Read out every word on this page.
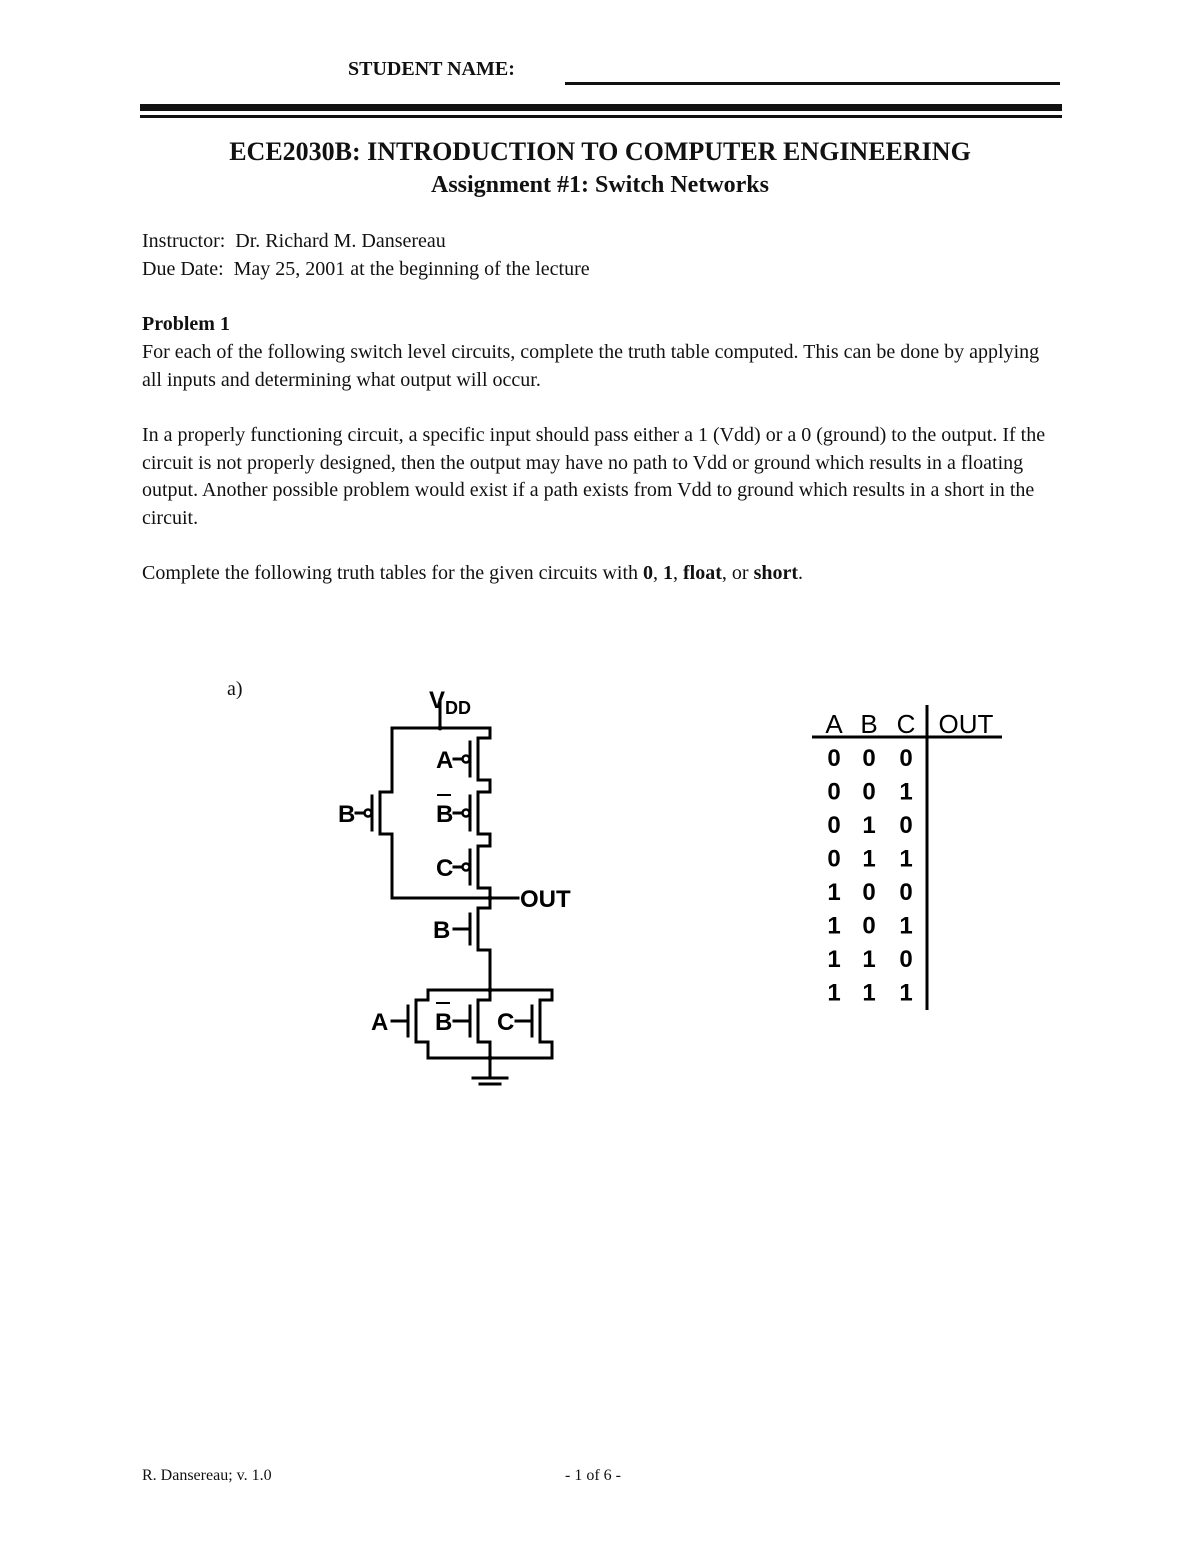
STUDENT NAME:
ECE2030B: INTRODUCTION TO COMPUTER ENGINEERING
Assignment #1: Switch Networks
Instructor:  Dr. Richard M. Dansereau
Due Date:  May 25, 2001 at the beginning of the lecture
Problem 1
For each of the following switch level circuits, complete the truth table computed. This can be done by applying all inputs and determining what output will occur.
In a properly functioning circuit, a specific input should pass either a 1 (Vdd) or a 0 (ground) to the output. If the circuit is not properly designed, then the output may have no path to Vdd or ground which results in a floating output. Another possible problem would exist if a path exists from Vdd to ground which results in a short in the circuit.
Complete the following truth tables for the given circuits with 0, 1, float, or short.
a)	V DD
A
B
C
B
OUT
B
A B C
A B C OUT
0 0 0
0 0 1
0 1 0
0 1 1
1 0 0
1 0 1
1 1 0
1 1 1
R. Dansereau; v. 1.0	- 1 of 6 -
